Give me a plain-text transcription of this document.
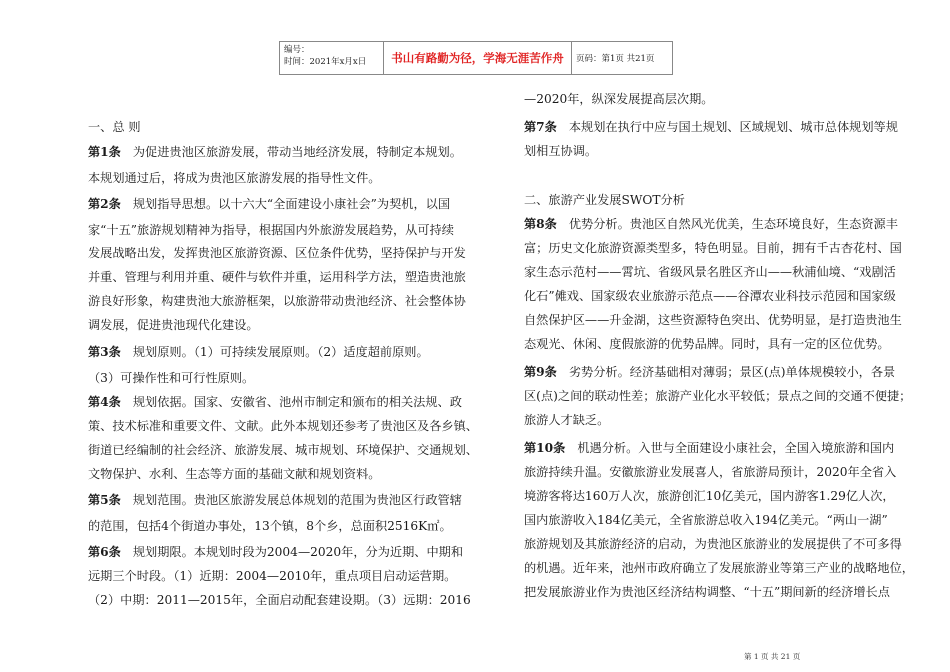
编号：
时间：2021年x月x日	书山有路勤为径，学海无涯苦作舟	页码：第1页 共21页
一、总 则
第1条 为促进贵池区旅游发展，带动当地经济发展，特制定本规划。
本规划通过后，将成为贵池区旅游发展的指导性文件。
第2条 规划指导思想。以十六大“全面建设小康社会”为契机，以国
家“十五”旅游规划精神为指导，根据国内外旅游发展趋势，从可持续
发展战略出发，发挥贵池区旅游资源、区位条件优势，坚持保护与开发
并重、管理与利用并重、硬件与软件并重，运用科学方法，塑造贵池旅
游良好形象，构建贵池大旅游框架，以旅游带动贵池经济、社会整体协
调发展，促进贵池现代化建设。
第3条 规划原则。（1）可持续发展原则。（2）适度超前原则。
（3）可操作性和可行性原则。
第4条 规划依据。国家、安徽省、池州市制定和颁布的相关法规、政
策、技术标准和重要文件、文献。此外本规划还参考了贵池区及各乡镇、
街道已经编制的社会经济、旅游发展、城市规划、环境保护、交通规划、
文物保护、水利、生态等方面的基础文献和规划资料。
第5条 规划范围。贵池区旅游发展总体规划的范围为贵池区行政管辖
的范围，包括4个街道办事处，13个镇，8个乡，总面积2516K㎡。
第6条 规划期限。本规划时段为2004—2020年，分为近期、中期和
远期三个时段。（1）近期：2004—2010年，重点项目启动运营期。
（2）中期：2011—2015年，全面启动配套建设期。（3）远期：2016
—2020年，纵深发展提高层次期。
第7条 本规划在执行中应与国土规划、区域规划、城市总体规划等规
划相互协调。
二、旅游产业发展SWOT分析
第8条 优势分析。贵池区自然风光优美，生态环境良好，生态资源丰
富；历史文化旅游资源类型多，特色明显。目前，拥有千古杏花村、国
家生态示范村——霄坑、省级风景名胜区齐山——秋浦仙境、“戏剧活
化石”傩戏、国家级农业旅游示范点——谷潭农业科技示范园和国家级
自然保护区——升金湖，这些资源特色突出、优势明显，是打造贵池生
态观光、休闲、度假旅游的优势品牌。同时，具有一定的区位优势。
第9条 劣势分析。经济基础相对薄弱；景区(点)单体规模较小，各景
区(点)之间的联动性差；旅游产业化水平较低；景点之间的交通不便捷；
旅游人才缺乏。
第10条 机遇分析。入世与全面建设小康社会，全国入境旅游和国内
旅游持续升温。安徽旅游业发展喜人，省旅游局预计，2020年全省入
境游客将达160万人次，旅游创汇10亿美元，国内游客1.29亿人次，
国内旅游收入184亿美元，全省旅游总收入194亿美元。“两山一湖”
旅游规划及其旅游经济的启动，为贵池区旅游业的发展提供了不可多得
的机遇。近年来，池州市政府确立了发展旅游业等第三产业的战略地位，
把发展旅游业作为贵池区经济结构调整、“十五”期间新的经济增长点
第 1 页 共 21 页
